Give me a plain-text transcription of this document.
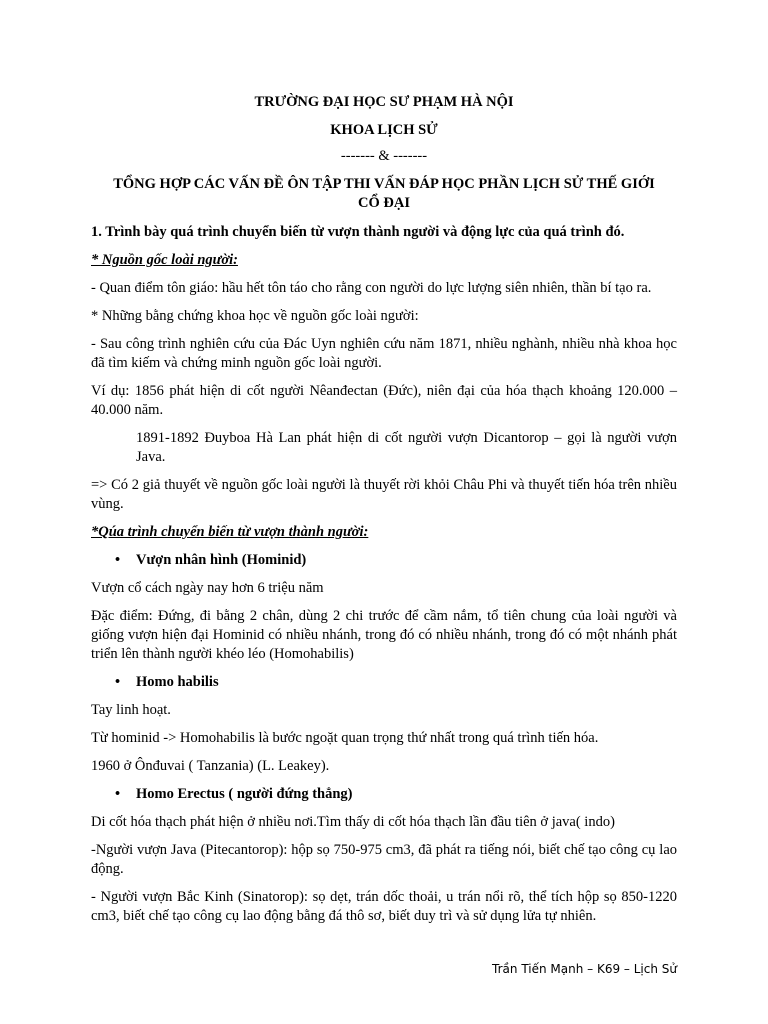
TRƯỜNG ĐẠI HỌC SƯ PHẠM HÀ NỘI
KHOA LỊCH SỬ
------- & -------
TỔNG HỢP CÁC VẤN ĐỀ ÔN TẬP THI VẤN ĐÁP HỌC PHẦN LỊCH SỬ THẾ GIỚI CỔ ĐẠI

1. Trình bày quá trình chuyển biến từ vượn thành người và động lực của quá trình đó.

* Nguồn gốc loài người:

- Quan điểm tôn giáo: hầu hết tôn táo cho rằng con người do lực lượng siên nhiên, thần bí tạo ra.

* Những bằng chứng khoa học về nguồn gốc loài người:

- Sau công trình nghiên cứu của Đác Uyn nghiên cứu năm 1871, nhiều nghành, nhiều nhà khoa học đã tìm kiếm và chứng minh nguồn gốc loài người.

Ví dụ: 1856 phát hiện di cốt người Nêanđectan (Đức), niên đại của hóa thạch khoảng 120.000 – 40.000 năm.

1891-1892 Đuyboa Hà Lan phát hiện di cốt người vượn Dicantorop – gọi là người vượn Java.

=> Có 2 giả thuyết về nguồn gốc loài người là thuyết rời khỏi Châu Phi và thuyết tiến hóa trên nhiều vùng.

*Qúa trình chuyển biến từ vượn thành người:

• Vượn nhân hình (Hominid)

Vượn cổ cách ngày nay hơn 6 triệu năm

Đặc điểm: Đứng, đi bằng 2 chân, dùng 2 chi trước để cầm nắm, tổ tiên chung của loài người và giống vượn hiện đại Hominid có nhiều nhánh, trong đó có nhiều nhánh, trong đó có một nhánh phát triển lên thành người khéo léo (Homohabilis)

• Homo habilis

Tay linh hoạt.

Từ hominid -> Homohabilis là bước ngoặt quan trọng thứ nhất trong quá trình tiến hóa.

1960 ở Ônđuvai ( Tanzania) (L. Leakey).

• Homo Erectus ( người đứng thẳng)

Di cốt hóa thạch phát hiện ở nhiều nơi.Tìm thấy di cốt hóa thạch lần đầu tiên ở java( indo)

-Người vượn Java (Pitecantorop): hộp sọ 750-975 cm3, đã phát ra tiếng nói, biết chế tạo công cụ lao động.

- Người vượn Bắc Kinh (Sinatorop): sọ dẹt, trán dốc thoải, u trán nổi rõ, thể tích hộp sọ 850-1220 cm3, biết chế tạo công cụ lao động bằng đá thô sơ, biết duy trì và sử dụng lửa tự nhiên.

Trần Tiến Mạnh – K69 – Lịch Sử
